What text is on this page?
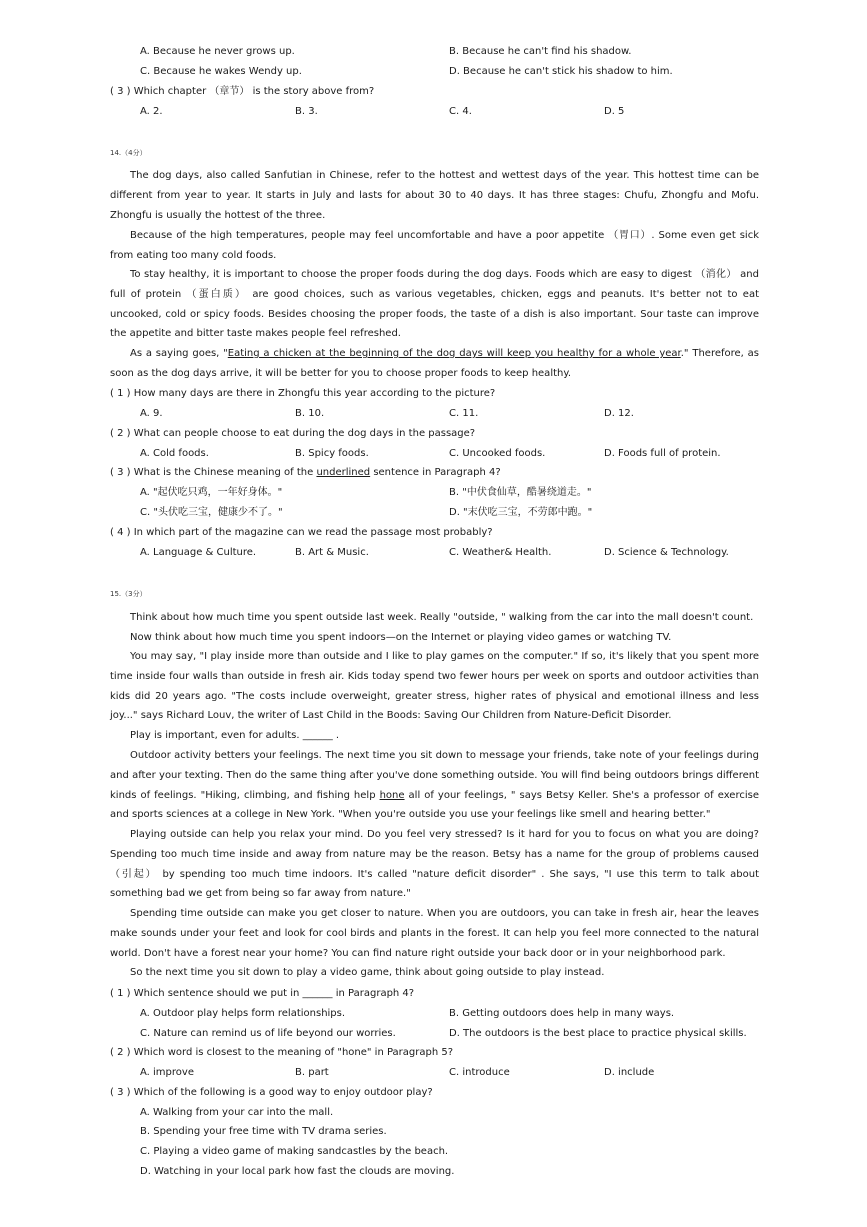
A. Because he never grows up.	B. Because he can't find his shadow.
C. Because he wakes Wendy up.	D. Because he can't stick his shadow to him.
( 3 ) Which chapter （章节） is the story above from?
A. 2.	B. 3.	C. 4.	D. 5
14.（4分）
The dog days, also called Sanfutian in Chinese, refer to the hottest and wettest days of the year. This hottest time can be different from year to year. It starts in July and lasts for about 30 to 40 days. It has three stages: Chufu, Zhongfu and Mofu. Zhongfu is usually the hottest of the three.
Because of the high temperatures, people may feel uncomfortable and have a poor appetite （胃口）. Some even get sick from eating too many cold foods.
To stay healthy, it is important to choose the proper foods during the dog days. Foods which are easy to digest （消化） and full of protein （蛋白质） are good choices, such as various vegetables, chicken, eggs and peanuts. It's better not to eat uncooked, cold or spicy foods. Besides choosing the proper foods, the taste of a dish is also important. Sour taste can improve the appetite and bitter taste makes people feel refreshed.
As a saying goes, "Eating a chicken at the beginning of the dog days will keep you healthy for a whole year." Therefore, as soon as the dog days arrive, it will be better for you to choose proper foods to keep healthy.
( 1 ) How many days are there in Zhongfu this year according to the picture?
A. 9.	B. 10.	C. 11.	D. 12.
( 2 ) What can people choose to eat during the dog days in the passage?
A. Cold foods.	B. Spicy foods.	C. Uncooked foods.	D. Foods full of protein.
( 3 ) What is the Chinese meaning of the underlined sentence in Paragraph 4?
A. "起伏吃只鸡，一年好身体。"	B. "中伏食仙草，酷暑绕道走。"
C. "头伏吃三宝，健康少不了。"	D. "末伏吃三宝，不劳郎中跑。"
( 4 ) In which part of the magazine can we read the passage most probably?
A. Language & Culture.	B. Art & Music.	C. Weather& Health.	D. Science & Technology.
15.（3分）
Think about how much time you spent outside last week. Really "outside, " walking from the car into the mall doesn't count.
Now think about how much time you spent indoors—on the Internet or playing video games or watching TV.
You may say, "I play inside more than outside and I like to play games on the computer." If so, it's likely that you spent more time inside four walls than outside in fresh air. Kids today spend two fewer hours per week on sports and outdoor activities than kids did 20 years ago. "The costs include overweight, greater stress, higher rates of physical and emotional illness and less joy..." says Richard Louv, the writer of Last Child in the Boods: Saving Our Children from Nature-Deficit Disorder.
Play is important, even for adults. ______ .
Outdoor activity betters your feelings. The next time you sit down to message your friends, take note of your feelings during and after your texting. Then do the same thing after you've done something outside. You will find being outdoors brings different kinds of feelings. "Hiking, climbing, and fishing help hone all of your feelings, " says Betsy Keller. She's a professor of exercise and sports sciences at a college in New York. "When you're outside you use your feelings like smell and hearing better."
Playing outside can help you relax your mind. Do you feel very stressed? Is it hard for you to focus on what you are doing? Spending too much time inside and away from nature may be the reason. Betsy has a name for the group of problems caused （引起） by spending too much time indoors. It's called "nature deficit disorder" . She says, "I use this term to talk about something bad we get from being so far away from nature."
Spending time outside can make you get closer to nature. When you are outdoors, you can take in fresh air, hear the leaves make sounds under your feet and look for cool birds and plants in the forest. It can help you feel more connected to the natural world. Don't have a forest near your home? You can find nature right outside your back door or in your neighborhood park.
So the next time you sit down to play a video game, think about going outside to play instead.
( 1 ) Which sentence should we put in ______ in Paragraph 4?
A. Outdoor play helps form relationships.	B. Getting outdoors does help in many ways.
C. Nature can remind us of life beyond our worries.	D. The outdoors is the best place to practice physical skills.
( 2 ) Which word is closest to the meaning of "hone" in Paragraph 5?
A. improve	B. part	C. introduce	D. include
( 3 ) Which of the following is a good way to enjoy outdoor play?
A. Walking from your car into the mall.
B. Spending your free time with TV drama series.
C. Playing a video game of making sandcastles by the beach.
D. Watching in your local park how fast the clouds are moving.
